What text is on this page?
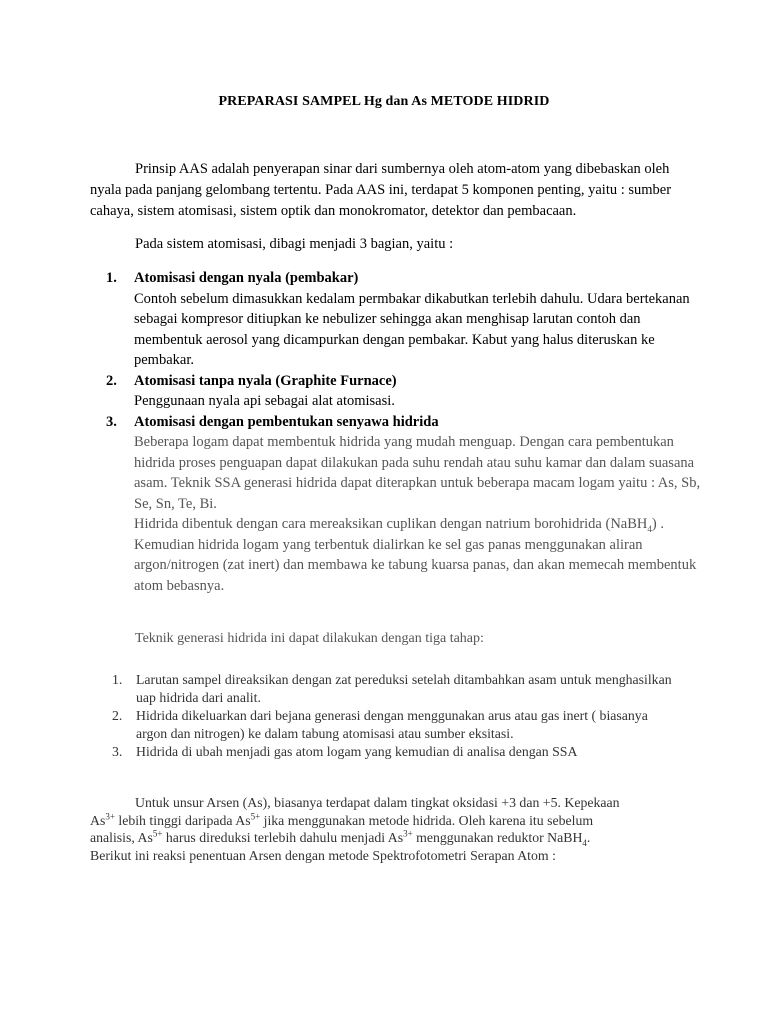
PREPARASI SAMPEL Hg dan As METODE HIDRID
Prinsip AAS adalah penyerapan sinar dari sumbernya oleh atom-atom yang dibebaskan oleh nyala pada panjang gelombang tertentu. Pada AAS ini, terdapat 5 komponen penting, yaitu : sumber cahaya, sistem atomisasi, sistem optik dan monokromator, detektor dan pembacaan.
Pada sistem atomisasi, dibagi menjadi 3 bagian, yaitu :
1. Atomisasi dengan nyala (pembakar)
Contoh sebelum dimasukkan kedalam permbakar dikabutkan terlebih dahulu. Udara bertekanan sebagai kompresor ditiupkan ke nebulizer sehingga akan menghisap larutan contoh dan membentuk aerosol yang dicampurkan dengan pembakar. Kabut yang halus diteruskan ke pembakar.
2. Atomisasi tanpa nyala (Graphite Furnace)
Penggunaan nyala api sebagai alat atomisasi.
3. Atomisasi dengan pembentukan senyawa hidrida
Beberapa logam dapat membentuk hidrida yang mudah menguap. Dengan cara pembentukan hidrida proses penguapan dapat dilakukan pada suhu rendah atau suhu kamar dan dalam suasana asam. Teknik SSA generasi hidrida dapat diterapkan untuk beberapa macam logam yaitu : As, Sb, Se, Sn, Te, Bi.
Hidrida dibentuk dengan cara mereaksikan cuplikan dengan natrium borohidrida (NaBH$_4$) . Kemudian hidrida logam yang terbentuk dialirkan ke sel gas panas menggunakan aliran argon/nitrogen (zat inert) dan membawa ke tabung kuarsa panas, dan akan memecah membentuk atom bebasnya.
Teknik generasi hidrida ini dapat dilakukan dengan tiga tahap:
1. Larutan sampel direaksikan dengan zat pereduksi setelah ditambahkan asam untuk menghasilkan uap hidrida dari analit.
2. Hidrida dikeluarkan dari bejana generasi dengan menggunakan arus atau gas inert ( biasanya argon dan nitrogen) ke dalam tabung atomisasi atau sumber eksitasi.
3. Hidrida di ubah menjadi gas atom logam yang kemudian di analisa dengan SSA
Untuk unsur Arsen (As), biasanya terdapat dalam tingkat oksidasi +3 dan +5. Kepekaan
$As^{3+}$ lebih tinggi daripada $As^{5+}$ jika menggunakan metode hidrida. Oleh karena itu sebelum
analisis, $As^{5+}$ harus direduksi terlebih dahulu menjadi $As^{3+}$ menggunakan reduktor NaBH$_4$.
Berikut ini reaksi penentuan Arsen dengan metode Spektrofotometri Serapan Atom :
